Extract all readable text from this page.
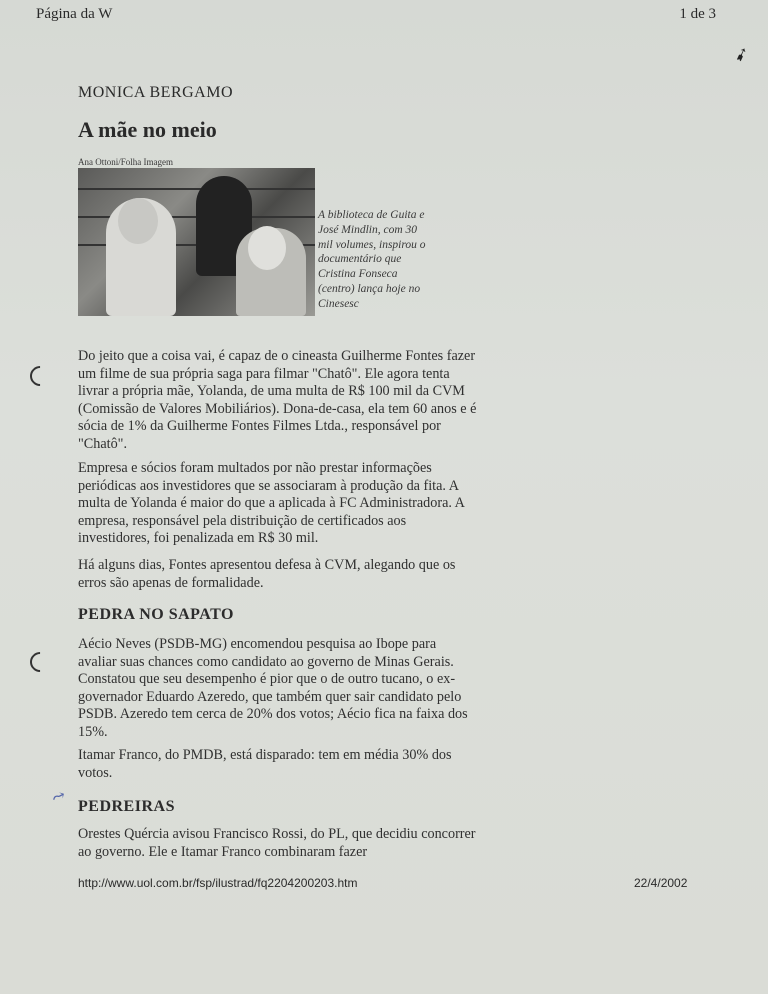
Página da W	1 de 3
➹
MONICA BERGAMO
A mãe no meio
Ana Ottoni/Folha Imagem
A biblioteca de Guita e José Mindlin, com 30 mil volumes, inspirou o documentário que Cristina Fonseca (centro) lança hoje no Cinesesc

Do jeito que a coisa vai, é capaz de o cineasta Guilherme Fontes fazer um filme de sua própria saga para filmar "Chatô". Ele agora tenta livrar a própria mãe, Yolanda, de uma multa de R$ 100 mil da CVM (Comissão de Valores Mobiliários). Dona-de-casa, ela tem 60 anos e é sócia de 1% da Guilherme Fontes Filmes Ltda., responsável por "Chatô".

Empresa e sócios foram multados por não prestar informações periódicas aos investidores que se associaram à produção da fita. A multa de Yolanda é maior do que a aplicada à FC Administradora. A empresa, responsável pela distribuição de certificados aos investidores, foi penalizada em R$ 30 mil.

Há alguns dias, Fontes apresentou defesa à CVM, alegando que os erros são apenas de formalidade.

PEDRA NO SAPATO

Aécio Neves (PSDB-MG) encomendou pesquisa ao Ibope para avaliar suas chances como candidato ao governo de Minas Gerais. Constatou que seu desempenho é pior que o de outro tucano, o ex-governador Eduardo Azeredo, que também quer sair candidato pelo PSDB. Azeredo tem cerca de 20% dos votos; Aécio fica na faixa dos 15%.

Itamar Franco, do PMDB, está disparado: tem em média 30% dos votos.

⤳ PEDREIRAS

Orestes Quércia avisou Francisco Rossi, do PL, que decidiu concorrer ao governo. Ele e Itamar Franco combinaram fazer

http://www.uol.com.br/fsp/ilustrad/fq2204200203.htm	22/4/2002
